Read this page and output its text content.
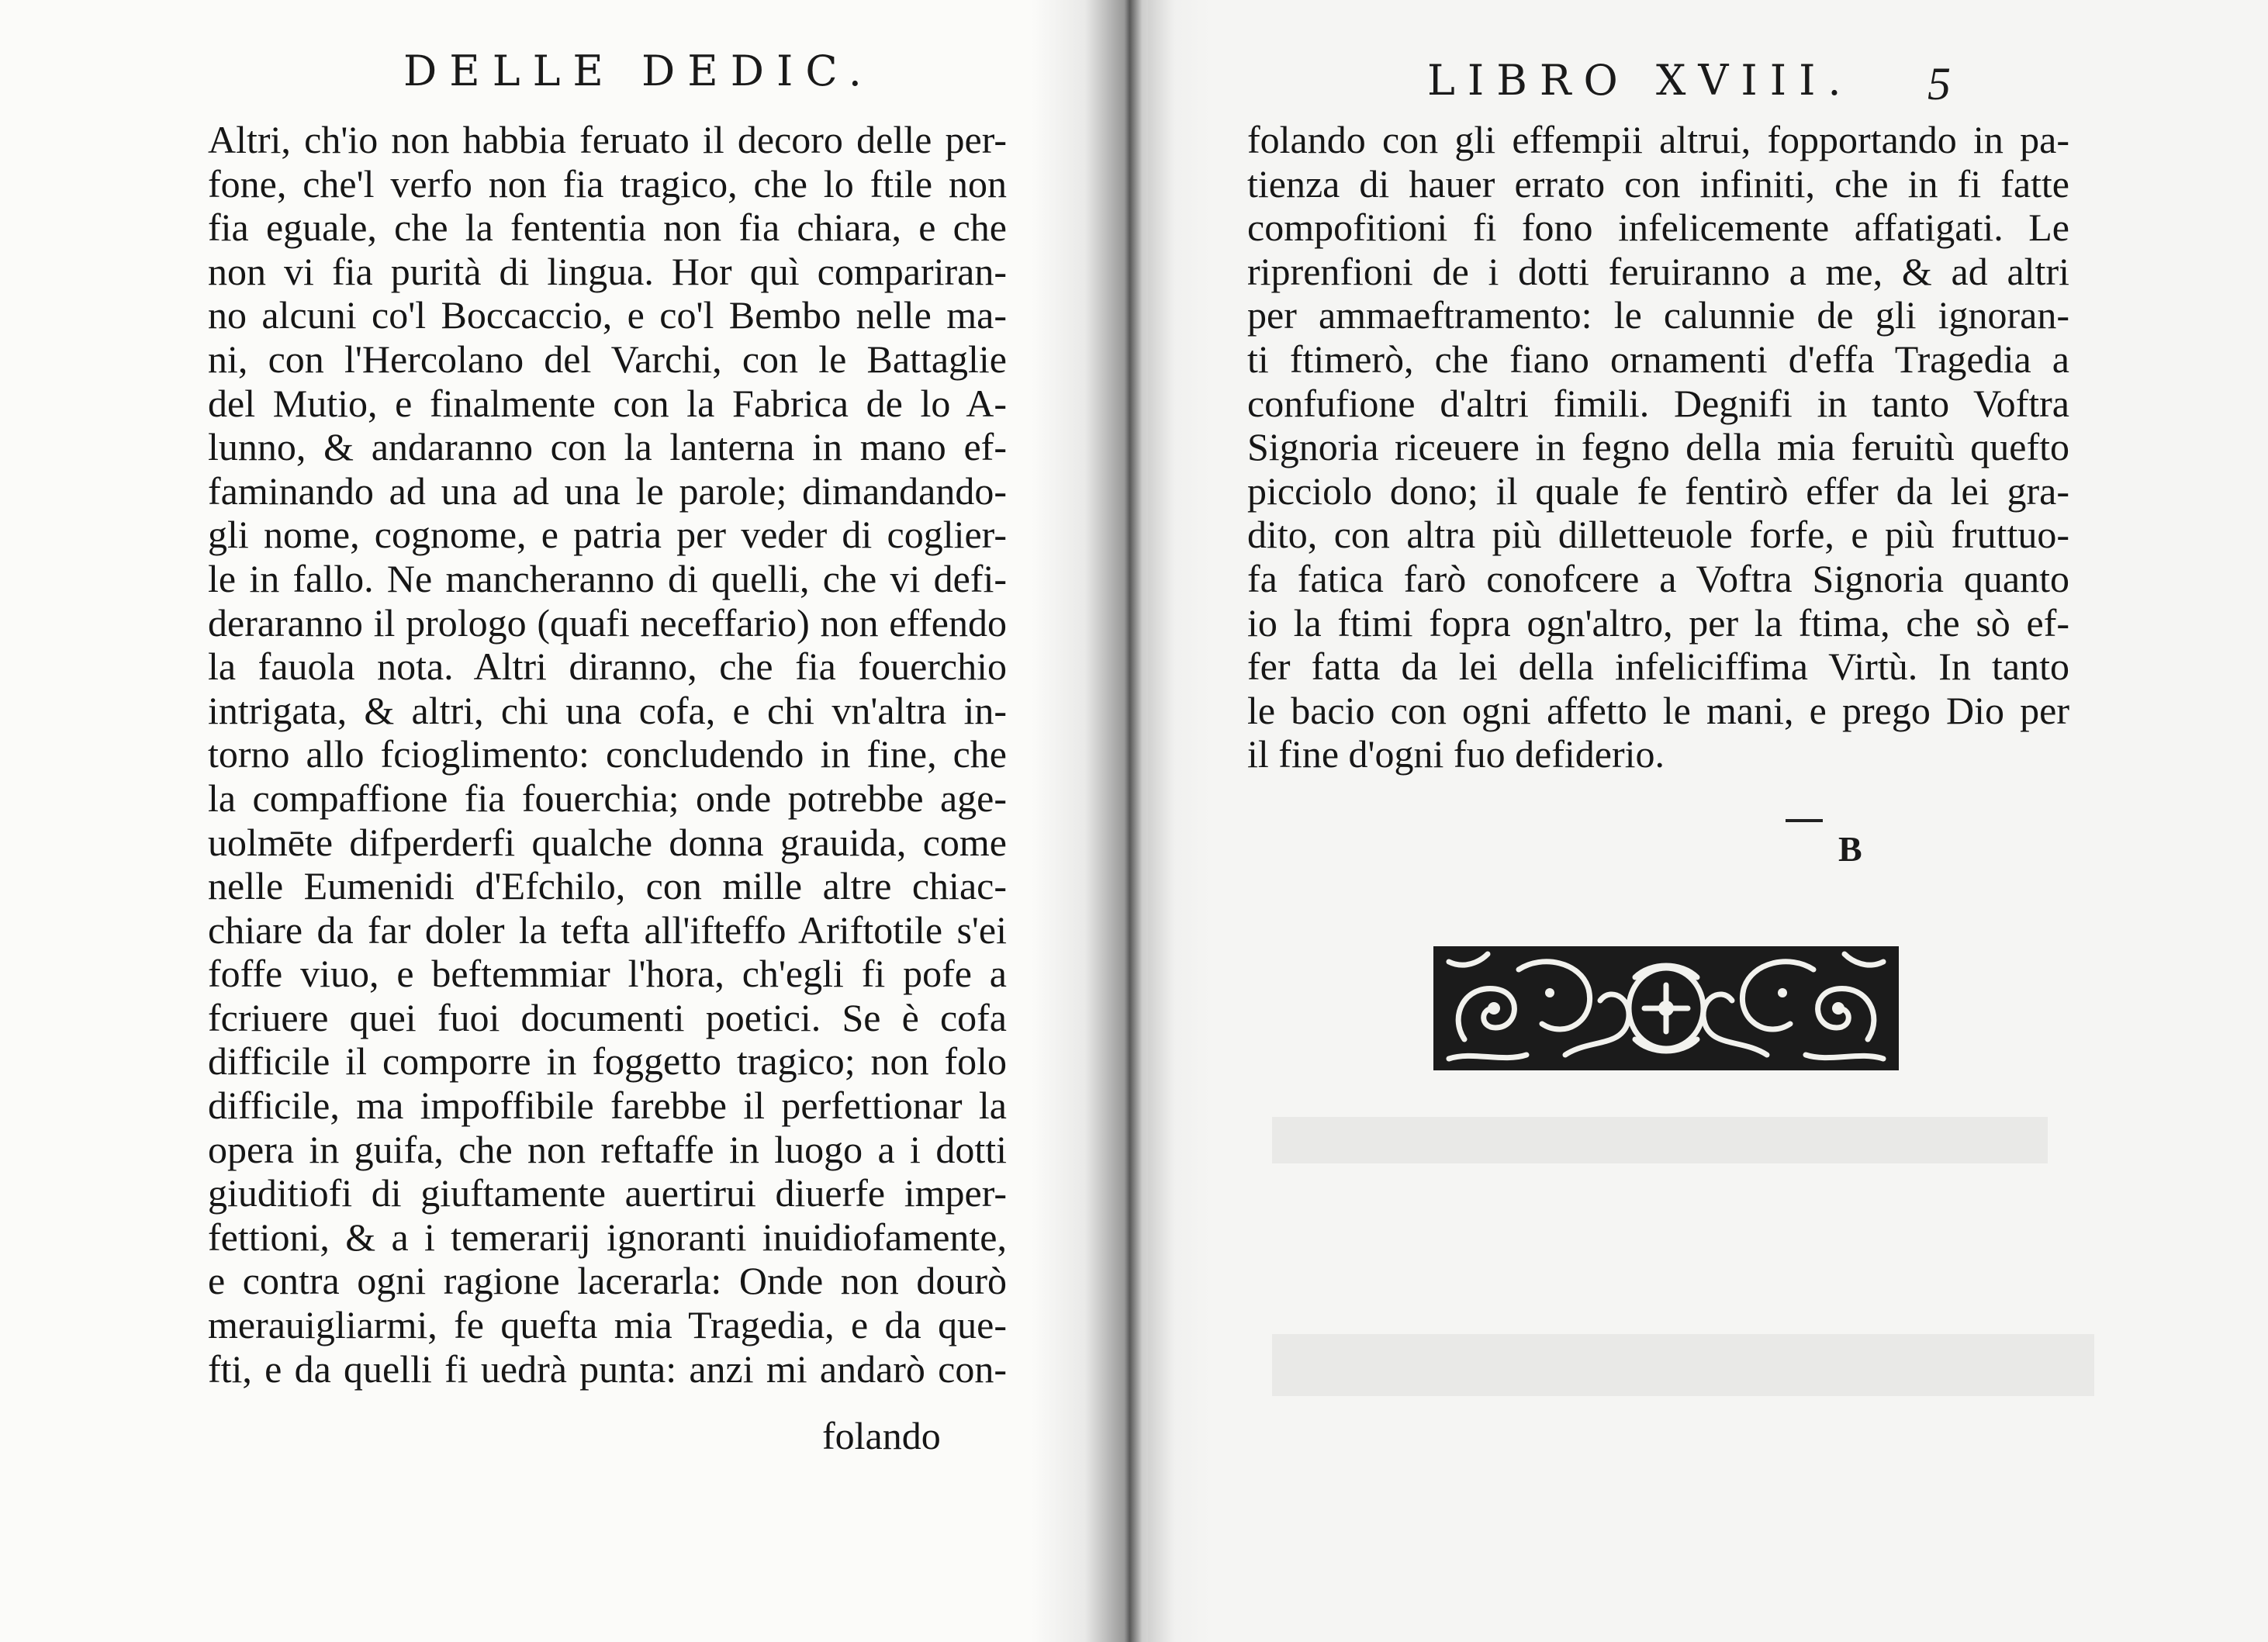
DELLE DEDIC.
Altri, ch'io non habbia feruato il decoro delle per-
fone, che'l verfo non fia tragico, che lo ftile non
fia eguale, che la fententia non fia chiara, e che
non vi fia purità di lingua. Hor quì compariran-
no alcuni co'l Boccaccio, e co'l Bembo nelle ma-
ni, con l'Hercolano del Varchi, con le Battaglie
del Mutio, e finalmente con la Fabrica de lo A-
lunno, & andaranno con la lanterna in mano ef-
faminando ad una ad una le parole; dimandando-
gli nome, cognome, e patria per veder di coglier-
le in fallo. Ne mancheranno di quelli, che vi defi-
deraranno il prologo (quafi neceffario) non effendo
la fauola nota. Altri diranno, che fia fouerchio
intrigata, & altri, chi una cofa, e chi vn'altra in-
torno allo fcioglimento: concludendo in fine, che
la compaffione fia fouerchia; onde potrebbe age-
uolmēte difperderfi qualche donna grauida, come
nelle Eumenidi d'Efchilo, con mille altre chiac-
chiare da far doler la tefta all'ifteffo Ariftotile s'ei
foffe viuo, e beftemmiar l'hora, ch'egli fi pofe a
fcriuere quei fuoi documenti poetici. Se è cofa
difficile il comporre in foggetto tragico; non folo
difficile, ma impoffibile farebbe il perfettionar la
opera in guifa, che non reftaffe in luogo a i dotti
giuditiofi di giuftamente auertirui diuerfe imper-
fettioni, & a i temerarij ignoranti inuidiofamente,
e contra ogni ragione lacerarla: Onde non dourò
merauigliarmi, fe quefta mia Tragedia, e da que-
fti, e da quelli fi uedrà punta: anzi mi andarò con-
folando
LIBRO XVIII. 5
folando con gli effempii altrui, fopportando in pa-
tienza di hauer errato con infiniti, che in fi fatte
compofitioni fi fono infelicemente affatigati. Le
riprenfioni de i dotti feruiranno a me, & ad altri
per ammaeftramento: le calunnie de gli ignoran-
ti ftimerò, che fiano ornamenti d'effa Tragedia a
confufione d'altri fimili. Degnifi in tanto Voftra
Signoria riceuere in fegno della mia feruitù quefto
picciolo dono; il quale fe fentirò effer da lei gra-
dito, con altra più dilletteuole forfe, e più fruttuo-
fa fatica farò conofcere a Voftra Signoria quanto
io la ftimi fopra ogn'altro, per la ftima, che sò ef-
fer fatta da lei della infeliciffima Virtù. In tanto
le bacio con ogni affetto le mani, e prego Dio per
il fine d'ogni fuo defiderio.
B
